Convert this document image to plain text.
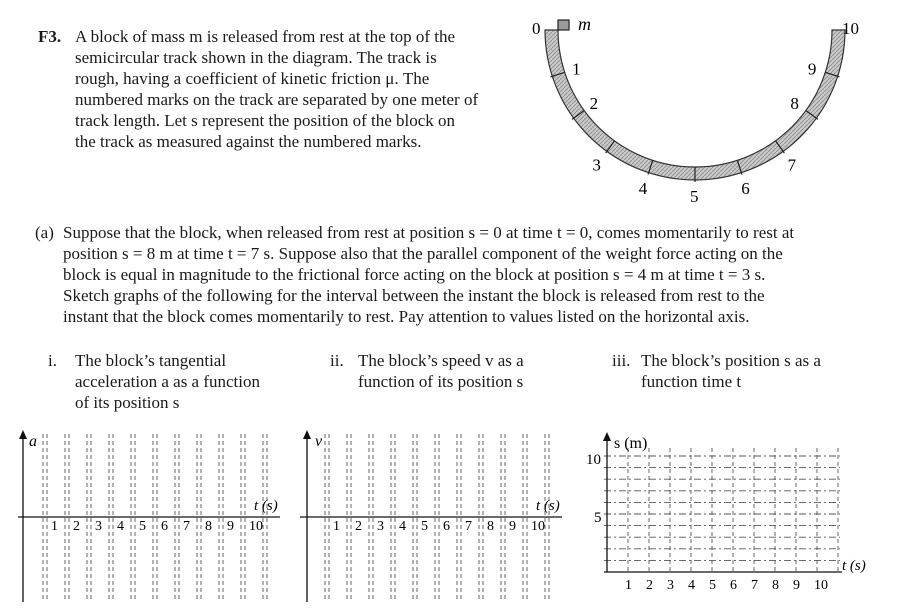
F3. A block of mass m is released from rest at the top of the
semicircular track shown in the diagram. The track is
rough, having a coefficient of kinetic friction μ. The
numbered marks on the track are separated by one meter of
track length. Let s represent the position of the block on
the track as measured against the numbered marks.
m
0
1
2
3
4	5	6
7
8
9
10
(a) Suppose that the block, when released from rest at position s = 0 at time t = 0, comes momentarily to rest at
position s = 8 m at time t = 7 s. Suppose also that the parallel component of the weight force acting on the
block is equal in magnitude to the frictional force acting on the block at position s = 4 m at time t = 3 s.
Sketch graphs of the following for the interval between the instant the block is released from rest to the
instant that the block comes momentarily to rest. Pay attention to values listed on the horizontal axis.
i. The block’s tangential
acceleration a as a function
of its position s
ii. The block’s speed v as a
function of its position s
iii. The block’s position s as a
function time t
a
t (s)
1 2 3 4 5 6 7 8 9 10
v
t (s)
1 2 3 4 5 6 7 8 9 10
s (m)
10
5
t (s)
1 2 3 4 5 6 7 8 9 10
